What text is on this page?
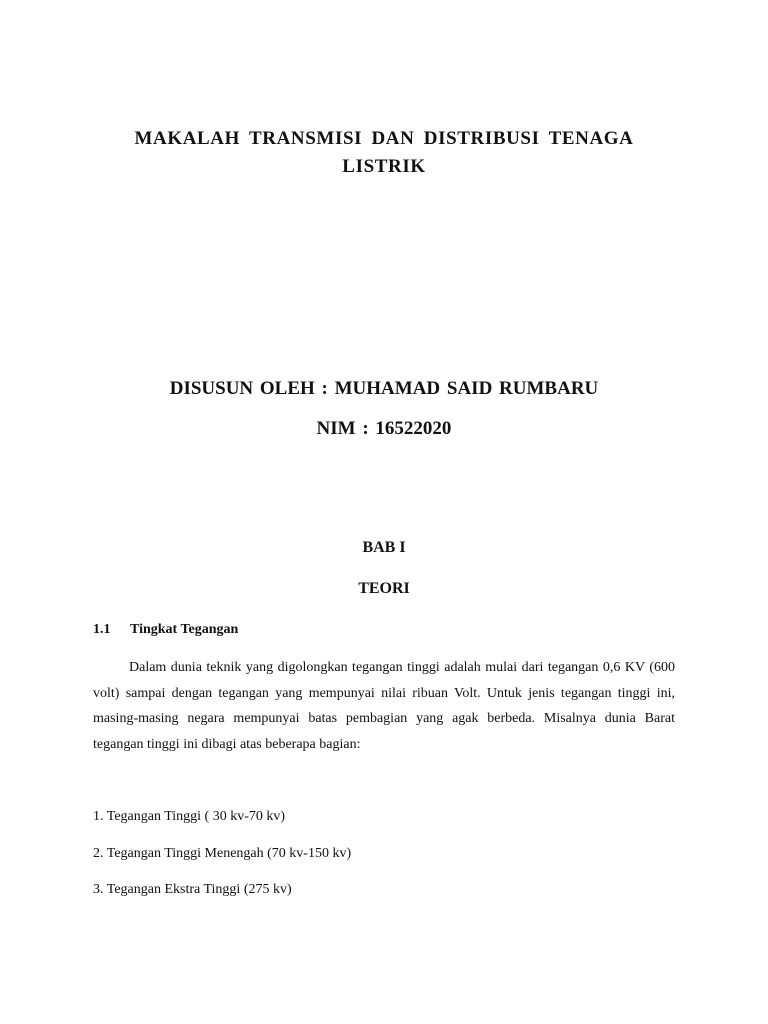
MAKALAH TRANSMISI DAN DISTRIBUSI TENAGA LISTRIK
DISUSUN OLEH : MUHAMAD SAID RUMBARU
NIM : 16522020
BAB I
TEORI
1.1 Tingkat Tegangan

Dalam dunia teknik yang digolongkan tegangan tinggi adalah mulai dari tegangan 0,6 KV (600 volt) sampai dengan tegangan yang mempunyai nilai ribuan Volt. Untuk jenis tegangan tinggi ini, masing-masing negara mempunyai batas pembagian yang agak berbeda. Misalnya dunia Barat tegangan tinggi ini dibagi atas beberapa bagian:

1. Tegangan Tinggi ( 30 kv-70 kv)
2. Tegangan Tinggi Menengah (70 kv-150 kv)
3. Tegangan Ekstra Tinggi (275 kv)
